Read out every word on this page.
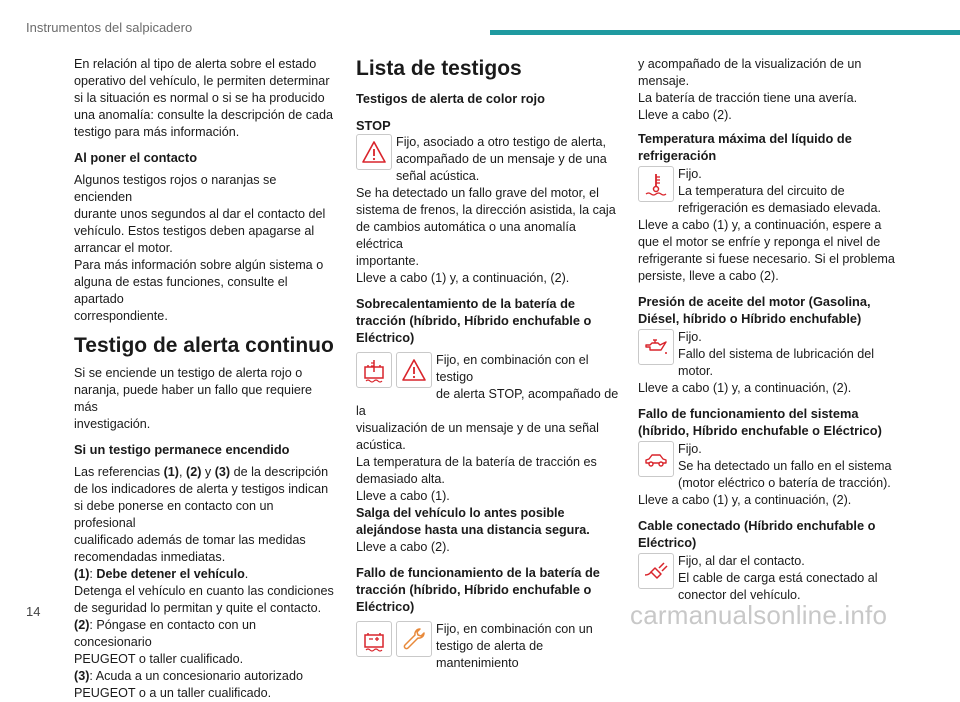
Instrumentos del salpicadero

En relación al tipo de alerta sobre el estado
operativo del vehículo, le permiten determinar
si la situación es normal o si se ha producido
una anomalía: consulte la descripción de cada
testigo para más información.

Al poner el contacto

Algunos testigos rojos o naranjas se encienden
durante unos segundos al dar el contacto del
vehículo. Estos testigos deben apagarse al
arrancar el motor.
Para más información sobre algún sistema o
alguna de estas funciones, consulte el apartado
correspondiente.

Testigo de alerta continuo

Si se enciende un testigo de alerta rojo o
naranja, puede haber un fallo que requiere más
investigación.

Si un testigo permanece encendido

Las referencias (1), (2) y (3) de la descripción
de los indicadores de alerta y testigos indican
si debe ponerse en contacto con un profesional
cualificado además de tomar las medidas
recomendadas inmediatas.
(1): Debe detener el vehículo.
Detenga el vehículo en cuanto las condiciones
de seguridad lo permitan y quite el contacto.
(2): Póngase en contacto con un concesionario
PEUGEOT o taller cualificado.
(3): Acuda a un concesionario autorizado
PEUGEOT o a un taller cualificado.

Lista de testigos
Testigos de alerta de color rojo
STOP
Fijo, asociado a otro testigo de alerta,
acompañado de un mensaje y de una
señal acústica.
Se ha detectado un fallo grave del motor, el
sistema de frenos, la dirección asistida, la caja
de cambios automática o una anomalía eléctrica
importante.
Lleve a cabo (1) y, a continuación, (2).
Sobrecalentamiento de la batería de tracción (híbrido, Híbrido enchufable o Eléctrico)
Fijo, en combinación con el testigo
de alerta STOP, acompañado de la
visualización de un mensaje y de una señal
acústica.
La temperatura de la batería de tracción es
demasiado alta.
Lleve a cabo (1).
Salga del vehículo lo antes posible
alejándose hasta una distancia segura.
Lleve a cabo (2).
Fallo de funcionamiento de la batería de tracción (híbrido, Híbrido enchufable o Eléctrico)
Fijo, en combinación con un
testigo de alerta de mantenimiento

y acompañado de la visualización de un
mensaje.
La batería de tracción tiene una avería.
Lleve a cabo (2).

Temperatura máxima del líquido de refrigeración
Fijo.
La temperatura del circuito de
refrigeración es demasiado elevada.
Lleve a cabo (1) y, a continuación, espere a
que el motor se enfríe y reponga el nivel de
refrigerante si fuese necesario. Si el problema
persiste, lleve a cabo (2).
Presión de aceite del motor (Gasolina, Diésel, híbrido o Híbrido enchufable)
Fijo.
Fallo del sistema de lubricación del motor.
Lleve a cabo (1) y, a continuación, (2).
Fallo de funcionamiento del sistema (híbrido, Híbrido enchufable o Eléctrico)
Fijo.
Se ha detectado un fallo en el sistema
(motor eléctrico o batería de tracción).
Lleve a cabo (1) y, a continuación, (2).
Cable conectado (Híbrido enchufable o Eléctrico)
Fijo, al dar el contacto.
El cable de carga está conectado al
conector del vehículo.
14	carmanualsonline.info
